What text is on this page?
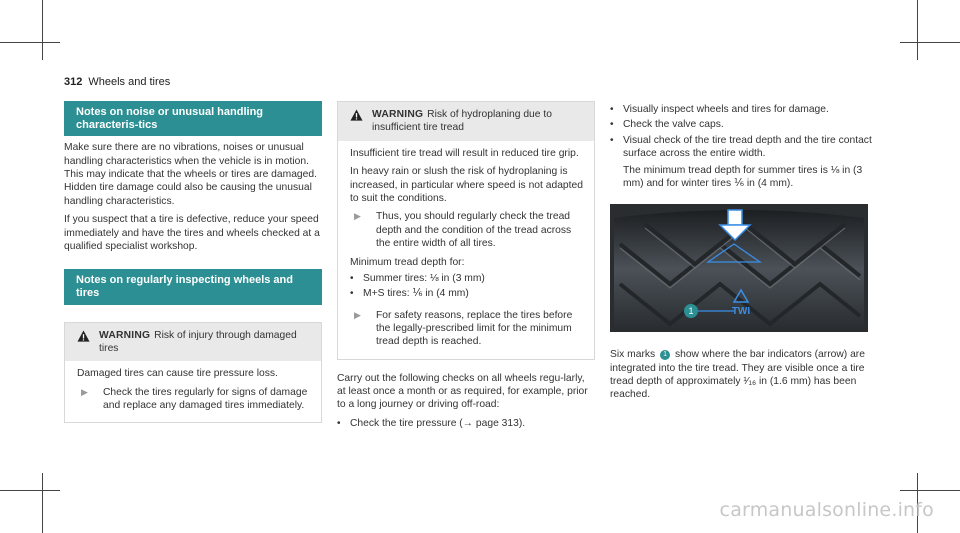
312 Wheels and tires
Notes on noise or unusual handling characteris-tics

Make sure there are no vibrations, noises or unusual handling characteristics when the vehicle is in motion. This may indicate that the wheels or tires are damaged. Hidden tire damage could also be causing the unusual handling characteristics.

If you suspect that a tire is defective, reduce your speed immediately and have the tires and wheels checked at a qualified specialist workshop.

Notes on regularly inspecting wheels and tires
WARNING Risk of injury through damaged tires

Damaged tires can cause tire pressure loss.

▶	Check the tires regularly for signs of damage and replace any damaged tires immediately.
WARNING Risk of hydroplaning due to insufficient tire tread

Insufficient tire tread will result in reduced tire grip.

In heavy rain or slush the risk of hydroplaning is increased, in particular where speed is not adapted to suit the conditions.

▶	Thus, you should regularly check the tread depth and the condition of the tread across the entire width of all tires.

Minimum tread depth for:

• Summer tires: ⅛ in (3 mm)
• M+S tires: ⅙ in (4 mm)
▶	For safety reasons, replace the tires before the legally-prescribed limit for the minimum tread depth is reached.

Carry out the following checks on all wheels regu-larly, at least once a month or as required, for example, prior to a long journey or driving off-road:

• Check the tire pressure (→ page 313).
• Visually inspect wheels and tires for damage.
• Check the valve caps.
• Visual check of the tire tread depth and the tire contact surface across the entire width.

The minimum tread depth for summer tires is ⅛ in (3 mm) and for winter tires ⅙ in (4 mm).

1	TWI

Six marks 1 show where the bar indicators (arrow) are integrated into the tire tread. They are visible once a tire tread depth of approximately ¹⁄₁₆ in (1.6 mm) has been reached.

carmanualsonline.info
